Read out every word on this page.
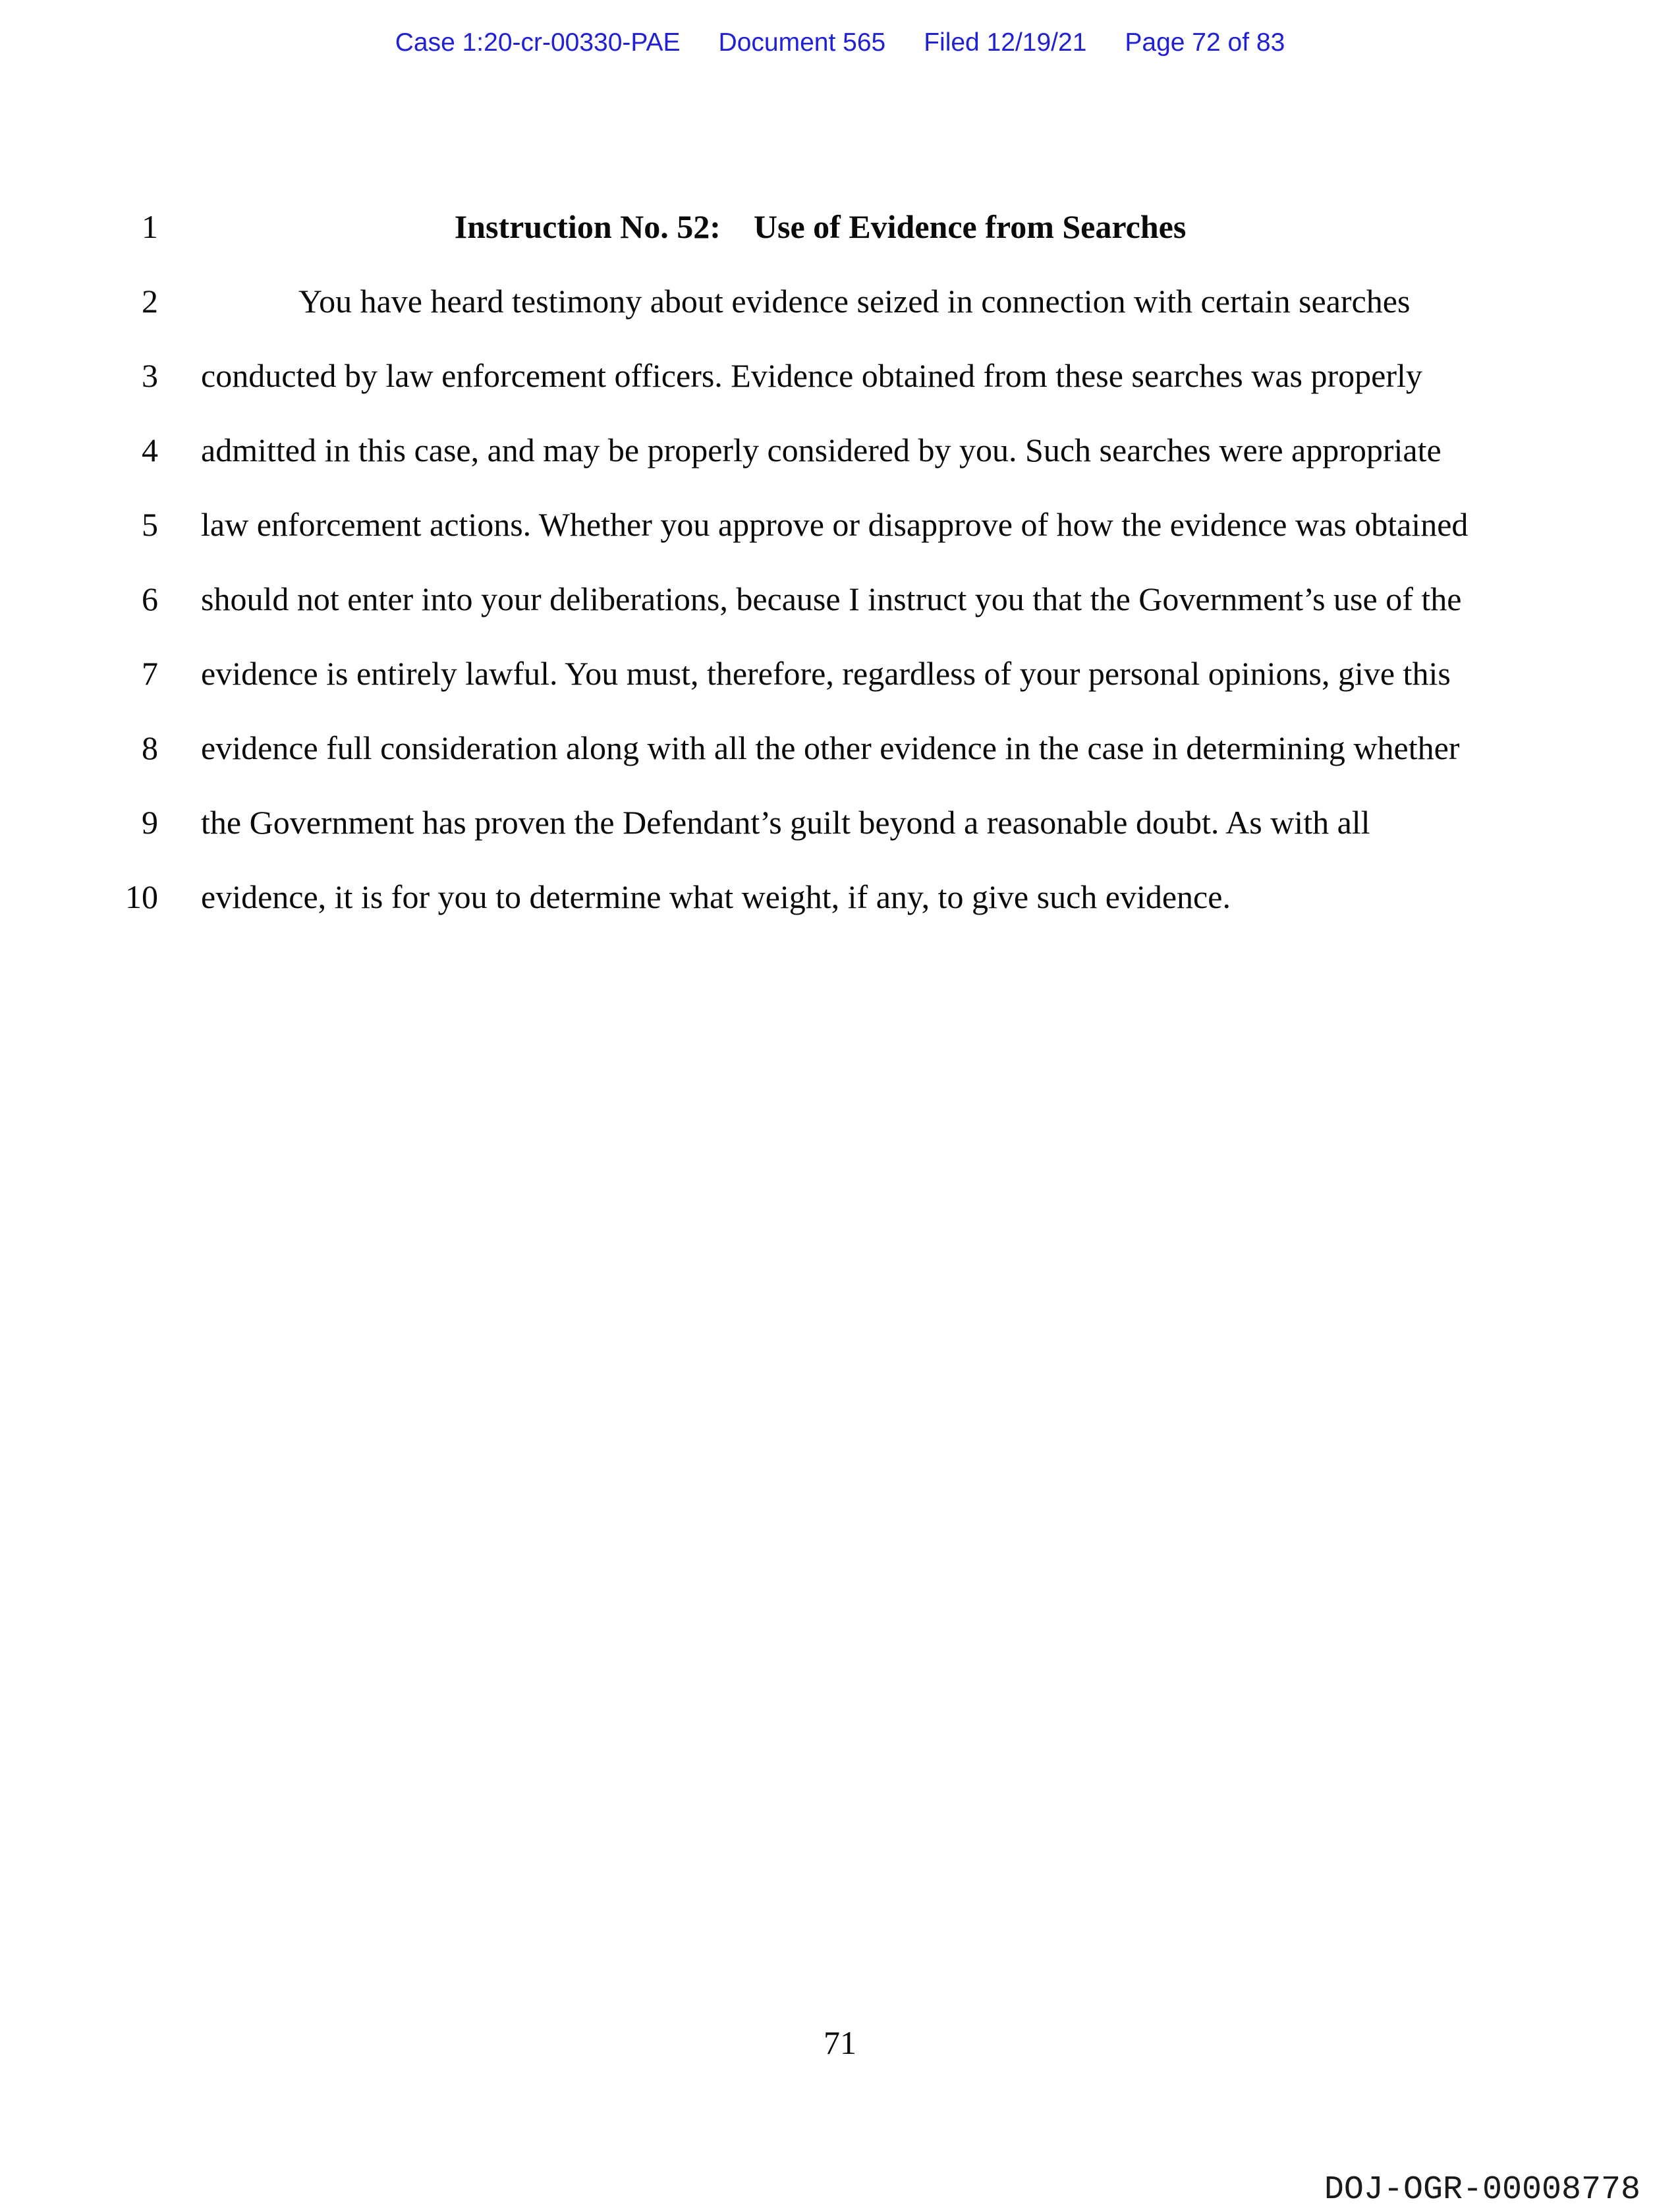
Case 1:20-cr-00330-PAE Document 565 Filed 12/19/21 Page 72 of 83
1	Instruction No. 52: Use of Evidence from Searches
2	You have heard testimony about evidence seized in connection with certain searches
3 conducted by law enforcement officers. Evidence obtained from these searches was properly
4 admitted in this case, and may be properly considered by you. Such searches were appropriate
5 law enforcement actions. Whether you approve or disapprove of how the evidence was obtained
6 should not enter into your deliberations, because I instruct you that the Government’s use of the
7 evidence is entirely lawful. You must, therefore, regardless of your personal opinions, give this
8 evidence full consideration along with all the other evidence in the case in determining whether
9 the Government has proven the Defendant’s guilt beyond a reasonable doubt. As with all
10 evidence, it is for you to determine what weight, if any, to give such evidence.
71
DOJ-OGR-00008778
